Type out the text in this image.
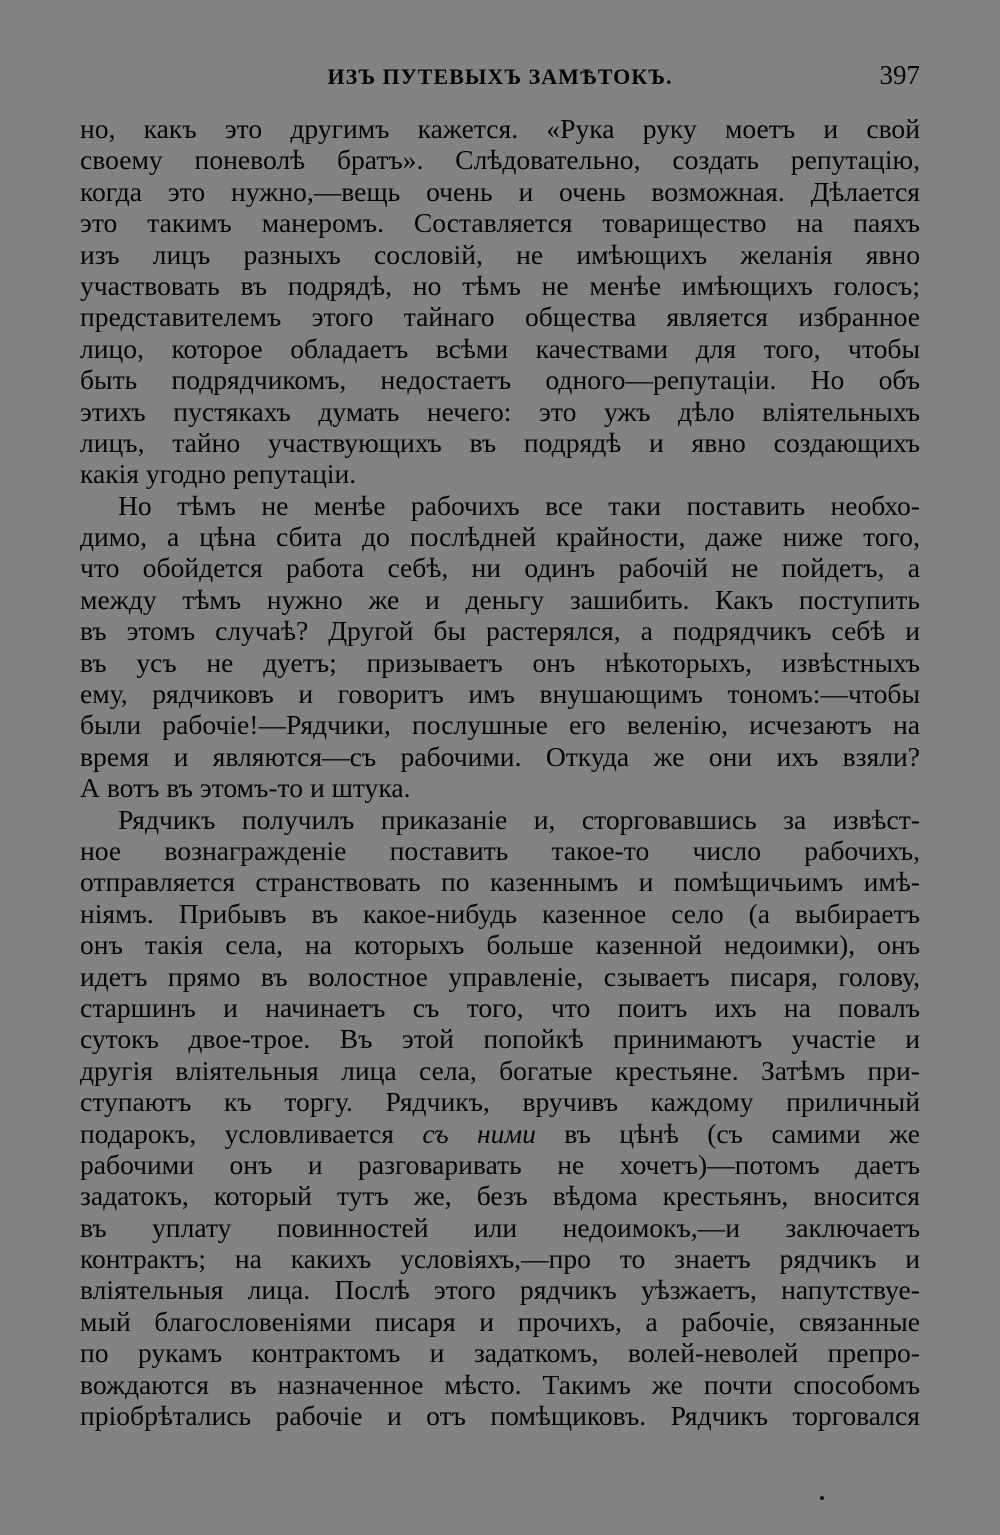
ИЗЪ ПУТЕВЫХЪ ЗАМѢТОКЪ.	397
но, какъ это другимъ кажется. «Рука руку моетъ и свой
своему поневолѣ братъ». Слѣдовательно, создать репутацію,
когда это нужно,—вещь очень и очень возможная. Дѣлается
это такимъ манеромъ. Составляется товарищество на паяхъ
изъ лицъ разныхъ сословій, не имѣющихъ желанія явно
участвовать въ подрядѣ, но тѣмъ не менѣе имѣющихъ голосъ;
представителемъ этого тайнаго общества является избранное
лицо, которое обладаетъ всѣми качествами для того, чтобы
быть подрядчикомъ, недостаетъ одного—репутаціи. Но объ
этихъ пустякахъ думать нечего: это ужъ дѣло вліятельныхъ
лицъ, тайно участвующихъ въ подрядѣ и явно создающихъ
какія угодно репутаціи.
Но тѣмъ не менѣе рабочихъ все таки поставить необхо-
димо, а цѣна сбита до послѣдней крайности, даже ниже того,
что обойдется работа себѣ, ни одинъ рабочій не пойдетъ, а
между тѣмъ нужно же и деньгу зашибить. Какъ поступить
въ этомъ случаѣ? Другой бы растерялся, а подрядчикъ себѣ и
въ усъ не дуетъ; призываетъ онъ нѣкоторыхъ, извѣстныхъ
ему, рядчиковъ и говоритъ имъ внушающимъ тономъ:—чтобы
были рабочіе!—Рядчики, послушные его веленію, исчезаютъ на
время и являются—съ рабочими. Откуда же они ихъ взяли?
А вотъ въ этомъ-то и штука.
Рядчикъ получилъ приказаніе и, сторговавшись за извѣст-
ное вознагражденіе поставить такое-то число рабочихъ,
отправляется странствовать по казеннымъ и помѣщичьимъ имѣ-
ніямъ. Прибывъ въ какое-нибудь казенное село (а выбираетъ
онъ такія села, на которыхъ больше казенной недоимки), онъ
идетъ прямо въ волостное управленіе, сзываетъ писаря, голову,
старшинъ и начинаетъ съ того, что поитъ ихъ на повалъ
сутокъ двое-трое. Въ этой попойкѣ принимаютъ участіе и
другія вліятельныя лица села, богатые крестьяне. Затѣмъ при-
ступаютъ къ торгу. Рядчикъ, вручивъ каждому приличный
подарокъ, условливается съ ними въ цѣнѣ (съ самими же
рабочими онъ и разговаривать не хочетъ)—потомъ даетъ
задатокъ, который тутъ же, безъ вѣдома крестьянъ, вносится
въ уплату повинностей или недоимокъ,—и заключаетъ
контрактъ; на какихъ условіяхъ,—про то знаетъ рядчикъ и
вліятельныя лица. Послѣ этого рядчикъ уѣзжаетъ, напутствуе-
мый благословеніями писаря и прочихъ, а рабочіе, связанные
по рукамъ контрактомъ и задаткомъ, волей-неволей препро-
вождаются въ назначенное мѣсто. Такимъ же почти способомъ
пріобрѣтались рабочіе и отъ помѣщиковъ. Рядчикъ торговался
